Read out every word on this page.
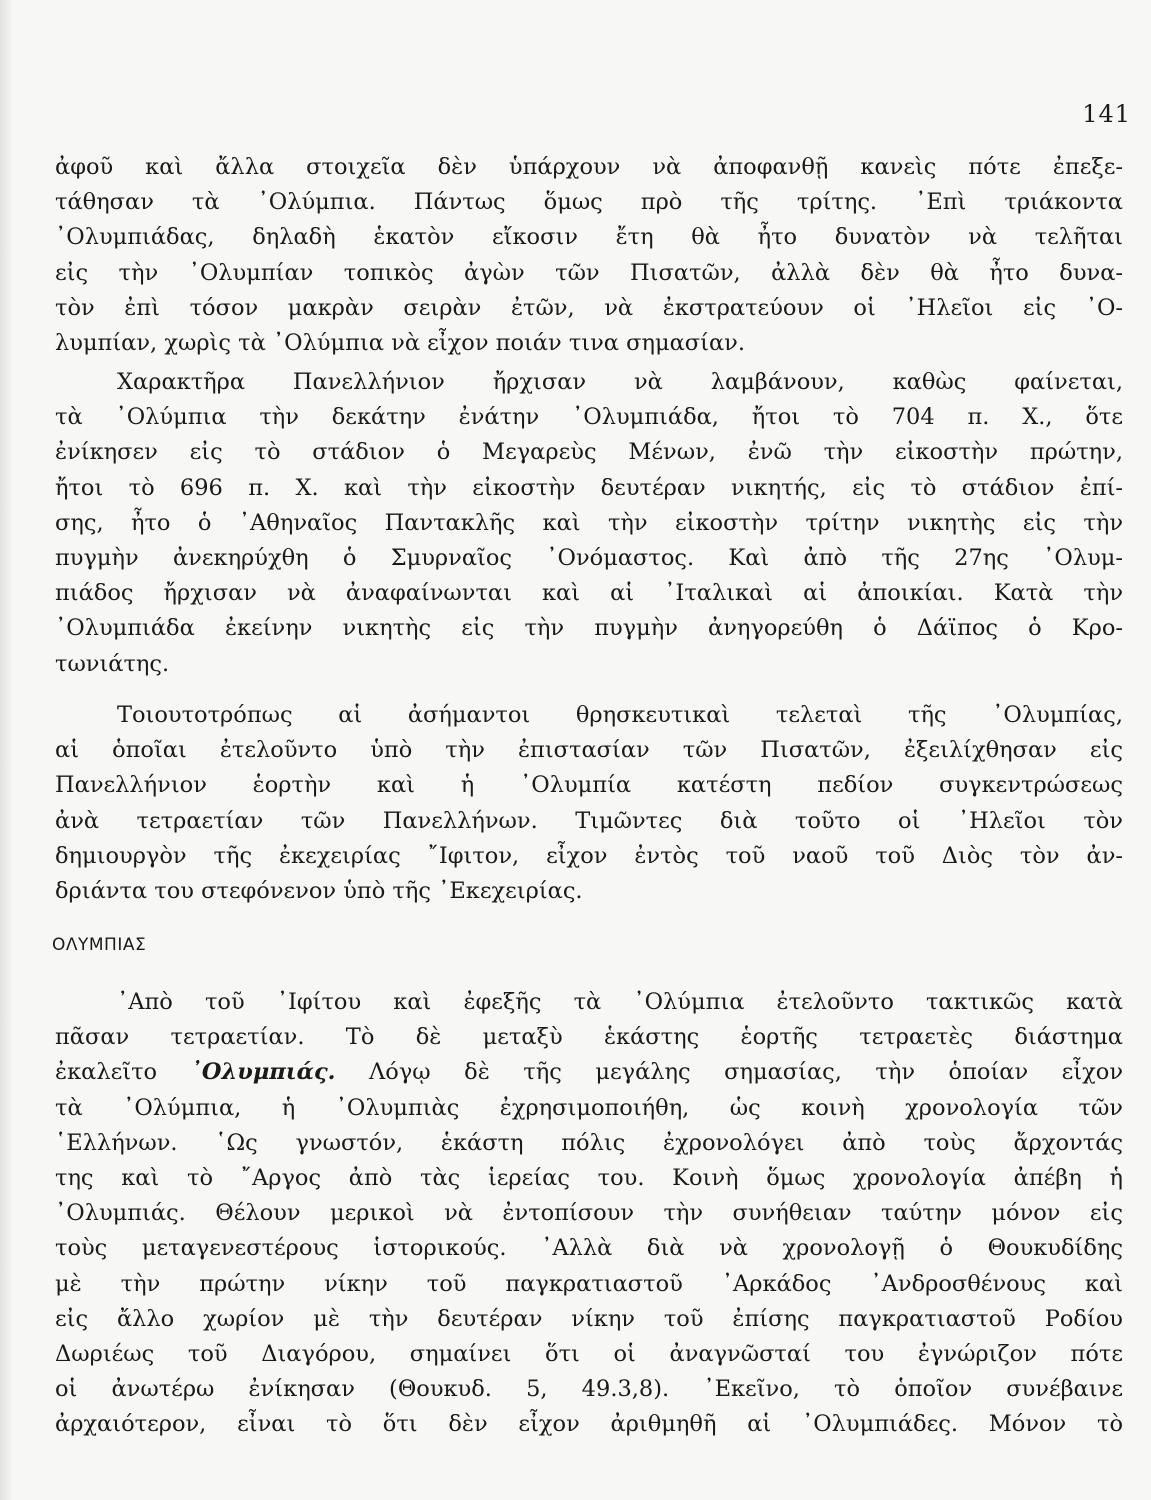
141
ἀφοῦ καὶ ἄλλα στοιχεῖα δὲν ὑπάρχουν νὰ ἀποφανθῇ κανεὶς πότε ἐπεξε-
τάθησαν τὰ ᾿Ολύμπια. Πάντως ὅμως πρὸ τῆς τρίτης. ᾿Επὶ τριάκοντα
᾿Ολυμπιάδας, δηλαδὴ ἑκατὸν εἴκοσιν ἔτη θὰ ἦτο δυνατὸν νὰ τελῆται
εἰς τὴν ᾿Ολυμπίαν τοπικὸς ἀγὼν τῶν Πισατῶν, ἀλλὰ δὲν θὰ ἦτο δυνα-
τὸν ἐπὶ τόσον μακρὰν σειρὰν ἐτῶν, νὰ ἐκστρατεύουν οἱ ᾿Ηλεῖοι εἰς ᾿Ο-
λυμπίαν, χωρὶς τὰ ᾿Ολύμπια νὰ εἶχον ποιάν τινα σημασίαν.
Χαρακτῆρα Πανελλήνιον ἤρχισαν νὰ λαμβάνουν, καθὼς φαίνεται,
τὰ ᾿Ολύμπια τὴν δεκάτην ἐνάτην ᾿Ολυμπιάδα, ἤτοι τὸ 704 π. Χ., ὅτε
ἐνίκησεν εἰς τὸ στάδιον ὁ Μεγαρεὺς Μένων, ἐνῶ τὴν εἰκοστὴν πρώτην,
ἤτοι τὸ 696 π. Χ. καὶ τὴν εἰκοστὴν δευτέραν νικητής, εἰς τὸ στάδιον ἐπί-
σης, ἦτο ὁ ᾿Αθηναῖος Παντακλῆς καὶ τὴν εἰκοστὴν τρίτην νικητὴς εἰς τὴν
πυγμὴν ἀνεκηρύχθη ὁ Σμυρναῖος ᾿Ονόμαστος. Καὶ ἀπὸ τῆς 27ης ᾿Ολυμ-
πιάδος ἤρχισαν νὰ ἀναφαίνωνται καὶ αἱ ᾿Ιταλικαὶ αἱ ἀποικίαι. Κατὰ τὴν
᾿Ολυμπιάδα ἐκείνην νικητὴς εἰς τὴν πυγμὴν ἀνηγορεύθη ὁ Δάϊπος ὁ Κρο-
τωνιάτης.
Τοιουτοτρόπως αἱ ἀσήμαντοι θρησκευτικαὶ τελεταὶ τῆς ᾿Ολυμπίας,
αἱ ὁποῖαι ἐτελοῦντο ὑπὸ τὴν ἐπιστασίαν τῶν Πισατῶν, ἐξειλίχθησαν εἰς
Πανελλήνιον ἑορτὴν καὶ ἡ ᾿Ολυμπία κατέστη πεδίον συγκεντρώσεως
ἀνὰ τετραετίαν τῶν Πανελλήνων. Τιμῶντες διὰ τοῦτο οἱ ᾿Ηλεῖοι τὸν
δημιουργὸν τῆς ἐκεχειρίας ῎Ιφιτον, εἶχον ἐντὸς τοῦ ναοῦ τοῦ Διὸς τὸν ἀν-
δριάντα του στεφόνενον ὑπὸ τῆς ᾿Εκεχειρίας.
ΟΛΥΜΠΙΑΣ
᾿Απὸ τοῦ ᾿Ιφίτου καὶ ἐφεξῆς τὰ ᾿Ολύμπια ἐτελοῦντο τακτικῶς κατὰ
πᾶσαν τετραετίαν. Τὸ δὲ μεταξὺ ἑκάστης ἑορτῆς τετραετὲς διάστημα
ἐκαλεῖτο ᾿Ολυμπιάς. Λόγῳ δὲ τῆς μεγάλης σημασίας, τὴν ὁποίαν εἶχον
τὰ ᾿Ολύμπια, ἡ ᾿Ολυμπιὰς ἐχρησιμοποιήθη, ὡς κοινὴ χρονολογία τῶν
῾Ελλήνων. ῾Ως γνωστόν, ἑκάστη πόλις ἐχρονολόγει ἀπὸ τοὺς ἄρχοντάς
της καὶ τὸ ῎Αργος ἀπὸ τὰς ἱερείας του. Κοινὴ ὅμως χρονολογία ἀπέβη ἡ
᾿Ολυμπιάς. Θέλουν μερικοὶ νὰ ἐντοπίσουν τὴν συνήθειαν ταύτην μόνον εἰς
τοὺς μεταγενεστέρους ἱστορικούς. ᾿Αλλὰ διὰ νὰ χρονολογῇ ὁ Θουκυδίδης
μὲ τὴν πρώτην νίκην τοῦ παγκρατιαστοῦ ᾿Αρκάδος ᾿Ανδροσθένους καὶ
εἰς ἄλλο χωρίον μὲ τὴν δευτέραν νίκην τοῦ ἐπίσης παγκρατιαστοῦ Ροδίου
Δωριέως τοῦ Διαγόρου, σημαίνει ὅτι οἱ ἀναγνῶσταί του ἐγνώριζον πότε
οἱ ἀνωτέρω ἐνίκησαν (Θουκυδ. 5, 49.3,8). ᾿Εκεῖνο, τὸ ὁποῖον συνέβαινε
ἀρχαιότερον, εἶναι τὸ ὅτι δὲν εἶχον ἀριθμηθῆ αἱ ᾿Ολυμπιάδες. Μόνον τὸ
